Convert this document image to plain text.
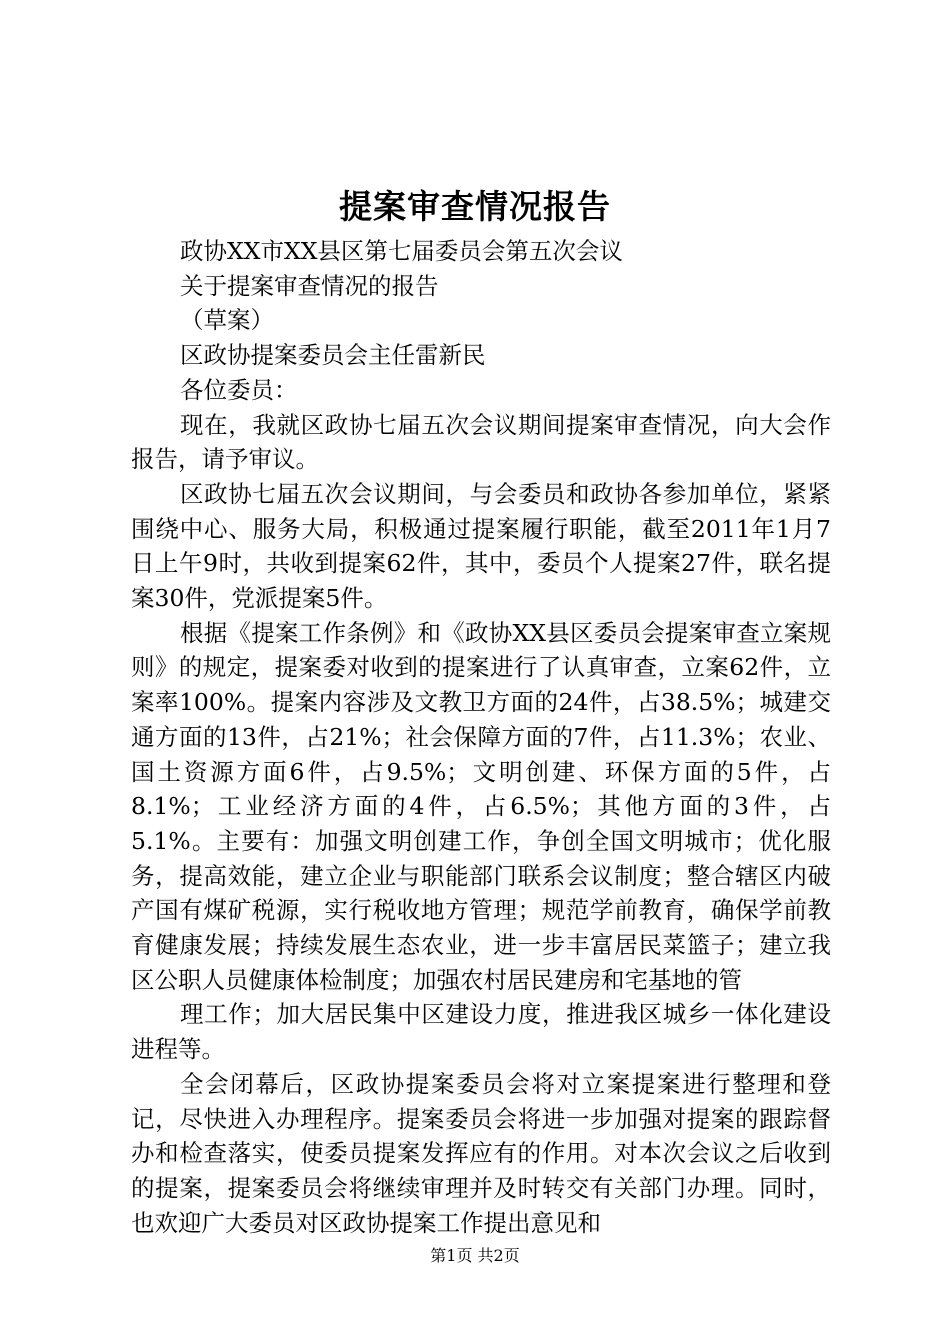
提案审查情况报告

政协XX市XX县区第七届委员会第五次会议

关于提案审查情况的报告

（草案）

区政协提案委员会主任雷新民

各位委员：

现在，我就区政协七届五次会议期间提案审查情况，向大会作报告，请予审议。

区政协七届五次会议期间，与会委员和政协各参加单位，紧紧围绕中心、服务大局，积极通过提案履行职能，截至2011年1月7日上午9时，共收到提案62件，其中，委员个人提案27件，联名提案30件，党派提案5件。

根据《提案工作条例》和《政协XX县区委员会提案审查立案规则》的规定，提案委对收到的提案进行了认真审查，立案62件，立案率100%。提案内容涉及文教卫方面的24件，占38.5%；城建交通方面的13件，占21%；社会保障方面的7件，占11.3%；农业、国土资源方面6件，占9.5%；文明创建、环保方面的5件，占8.1%；工业经济方面的4件，占6.5%；其他方面的3件，占5.1%。主要有：加强文明创建工作，争创全国文明城市；优化服务，提高效能，建立企业与职能部门联系会议制度；整合辖区内破产国有煤矿税源，实行税收地方管理；规范学前教育，确保学前教育健康发展；持续发展生态农业，进一步丰富居民菜篮子；建立我区公职人员健康体检制度；加强农村居民建房和宅基地的管

理工作；加大居民集中区建设力度，推进我区城乡一体化建设进程等。

全会闭幕后，区政协提案委员会将对立案提案进行整理和登记，尽快进入办理程序。提案委员会将进一步加强对提案的跟踪督办和检查落实，使委员提案发挥应有的作用。对本次会议之后收到的提案，提案委员会将继续审理并及时转交有关部门办理。同时，也欢迎广大委员对区政协提案工作提出意见和

第1页 共2页
